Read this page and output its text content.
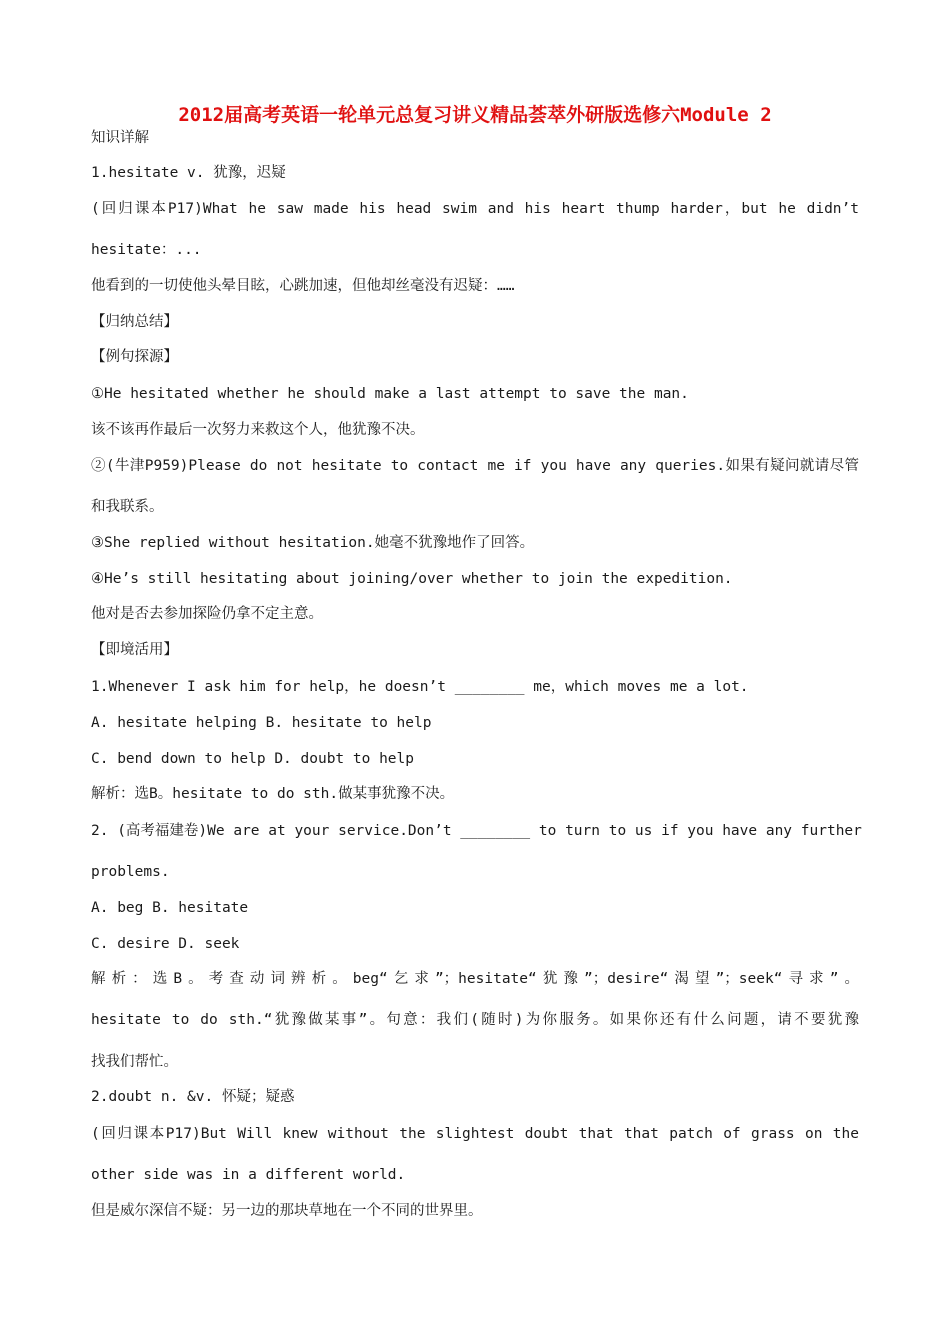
2012届高考英语一轮单元总复习讲义精品荟萃外研版选修六Module 2
知识详解
1.hesitate v. 犹豫，迟疑
(回归课本P17)What he saw made his head swim and his heart thump harder，but he didn’t
hesitate：...
他看到的一切使他头晕目眩，心跳加速，但他却丝毫没有迟疑：……
【归纳总结】
【例句探源】
①He hesitated whether he should make a last attempt to save the man.
该不该再作最后一次努力来救这个人，他犹豫不决。
②(牛津P959)Please do not hesitate to contact me if you have any queries.如果有疑问就请尽管
和我联系。
③She replied without hesitation.她毫不犹豫地作了回答。
④He’s still hesitating about joining/over whether to join the expedition.
他对是否去参加探险仍拿不定主意。
【即境活用】
1.Whenever I ask him for help，he doesn’t ________ me，which moves me a lot.
A. hesitate helping B. hesitate to help
C. bend down to help D. doubt to help
解析：选B。hesitate to do sth.做某事犹豫不决。
2. (高考福建卷)We are at your service.Don’t ________ to turn to us if you have any further
problems.
A. beg B. hesitate
C. desire D. seek
解析：选B。考查动词辨析。beg“乞求”；hesitate“犹豫”；desire“渴望”；seek“寻求”。
hesitate to do sth.“犹豫做某事”。句意：我们(随时)为你服务。如果你还有什么问题，请不要犹豫
找我们帮忙。
2.doubt n. &v. 怀疑；疑惑
(回归课本P17)But Will knew without the slightest doubt that that patch of grass on the
other side was in a different world.
但是威尔深信不疑：另一边的那块草地在一个不同的世界里。
